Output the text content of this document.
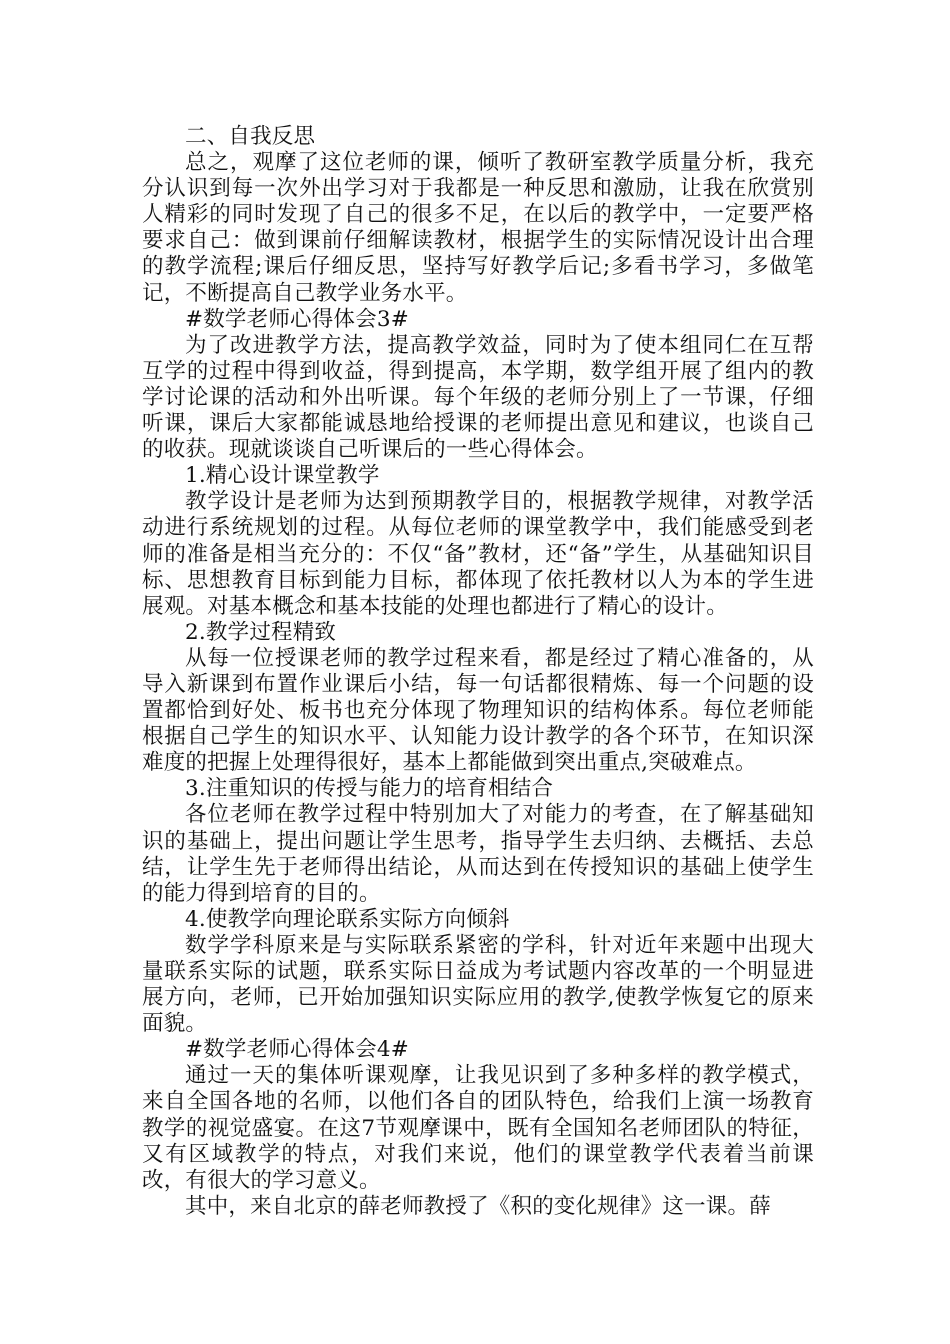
二、自我反思

总之，观摩了这位老师的课，倾听了教研室教学质量分析，我充分认识到每一次外出学习对于我都是一种反思和激励，让我在欣赏别人精彩的同时发现了自己的很多不足，在以后的教学中，一定要严格要求自己：做到课前仔细解读教材，根据学生的实际情况设计出合理的教学流程;课后仔细反思，坚持写好教学后记;多看书学习，多做笔记，不断提高自己教学业务水平。

#数学老师心得体会3#

为了改进教学方法，提高教学效益，同时为了使本组同仁在互帮互学的过程中得到收益，得到提高，本学期，数学组开展了组内的教学讨论课的活动和外出听课。每个年级的老师分别上了一节课，仔细听课，课后大家都能诚恳地给授课的老师提出意见和建议，也谈自己的收获。现就谈谈自己听课后的一些心得体会。

1.精心设计课堂教学

教学设计是老师为达到预期教学目的，根据教学规律，对教学活动进行系统规划的过程。从每位老师的课堂教学中，我们能感受到老师的准备是相当充分的：不仅“备”教材，还“备”学生，从基础知识目标、思想教育目标到能力目标，都体现了依托教材以人为本的学生进展观。对基本概念和基本技能的处理也都进行了精心的设计。

2.教学过程精致

从每一位授课老师的教学过程来看，都是经过了精心准备的，从导入新课到布置作业课后小结，每一句话都很精炼、每一个问题的设置都恰到好处、板书也充分体现了物理知识的结构体系。每位老师能根据自己学生的知识水平、认知能力设计教学的各个环节，在知识深难度的把握上处理得很好，基本上都能做到突出重点,突破难点。

3.注重知识的传授与能力的培育相结合

各位老师在教学过程中特别加大了对能力的考查，在了解基础知识的基础上，提出问题让学生思考，指导学生去归纳、去概括、去总结，让学生先于老师得出结论，从而达到在传授知识的基础上使学生的能力得到培育的目的。

4.使教学向理论联系实际方向倾斜

数学学科原来是与实际联系紧密的学科，针对近年来题中出现大量联系实际的试题，联系实际日益成为考试题内容改革的一个明显进展方向，老师，已开始加强知识实际应用的教学,使教学恢复它的原来面貌。

#数学老师心得体会4#

通过一天的集体听课观摩，让我见识到了多种多样的教学模式，来自全国各地的名师，以他们各自的团队特色，给我们上演一场教育教学的视觉盛宴。在这7节观摩课中，既有全国知名老师团队的特征，又有区域教学的特点，对我们来说，他们的课堂教学代表着当前课改，有很大的学习意义。

其中，来自北京的薛老师教授了《积的变化规律》这一课。薛
